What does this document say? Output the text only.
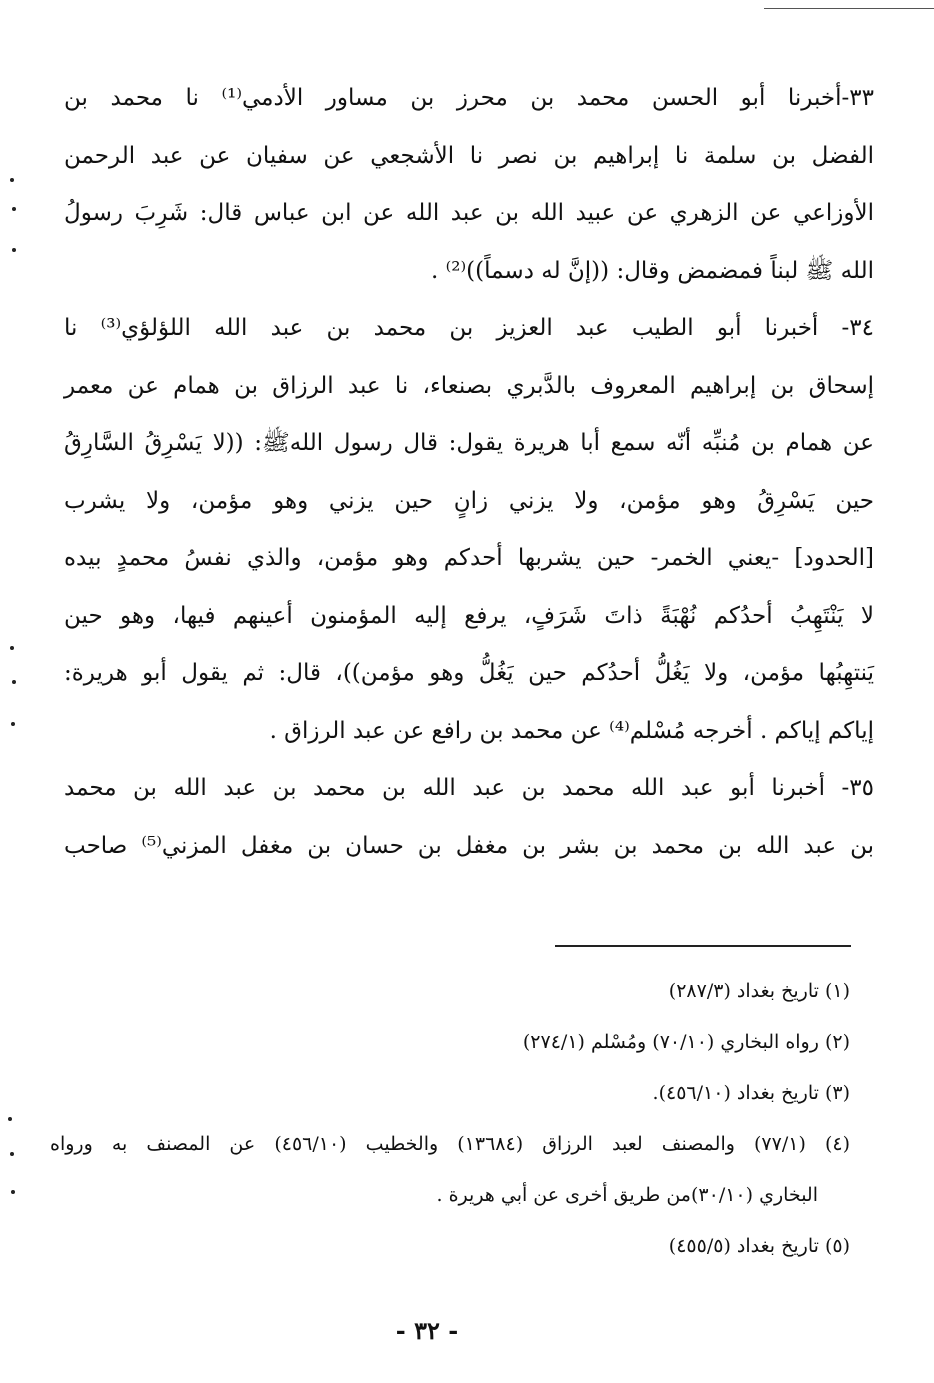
٣٣-أخبرنا أبو الحسن محمد بن محرز بن مساور الأدمي⁽¹⁾ نا محمد بن
الفضل بن سلمة نا إبراهيم بن نصر نا الأشجعي عن سفيان عن عبد الرحمن
الأوزاعي عن الزهري عن عبيد الله بن عبد الله عن ابن عباس قال: شَرِبَ رسولُ
الله ﷺ لبناً فمضمض وقال: ((إنَّ له دسماً))⁽²⁾ .
٣٤- أخبرنا أبو الطيب عبد العزيز بن محمد بن عبد الله اللؤلؤي⁽³⁾ نا
إسحاق بن إبراهيم المعروف بالدَّبري بصنعاء، نا عبد الرزاق بن همام عن معمر
عن همام بن مُنبِّه أنّه سمع أبا هريرة يقول: قال رسول اللهﷺ: ((لا يَسْرِقُ السَّارِقُ
حين يَسْرِقُ وهو مؤمن، ولا يزني زانٍ حين يزني وهو مؤمن، ولا يشرب
[الحدود] -يعني الخمر- حين يشربها أحدكم وهو مؤمن، والذي نفسُ محمدٍ بيده
لا يَنْتَهِبُ أحدُكم نُهْبَةً ذاتَ شَرَفٍ، يرفع إليه المؤمنون أعينهم فيها، وهو حين
يَنتهِبُها مؤمن، ولا يَغُلُّ أحدُكم حين يَغُلُّ وهو مؤمن))، قال: ثم يقول أبو هريرة:
إياكم إياكم . أخرجه مُسْلم⁽⁴⁾ عن محمد بن رافع عن عبد الرزاق .
٣٥- أخبرنا أبو عبد الله محمد بن عبد الله بن محمد بن عبد الله بن محمد
بن عبد الله بن محمد بن بشر بن مغفل بن حسان بن مغفل المزني⁽⁵⁾ صاحب
(١) تاريخ بغداد (٢٨٧/٣)
(٢) رواه البخاري (٧٠/١٠) ومُسْلم (٢٧٤/١)
(٣) تاريخ بغداد (٤٥٦/١٠).
(٤) (٧٧/١) والمصنف لعبد الرزاق (١٣٦٨٤) والخطيب (٤٥٦/١٠) عن المصنف به ورواه
البخاري (٣٠/١٠)من طريق أخرى عن أبي هريرة .
(٥) تاريخ بغداد (٤٥٥/٥)
- ٣٢ -
